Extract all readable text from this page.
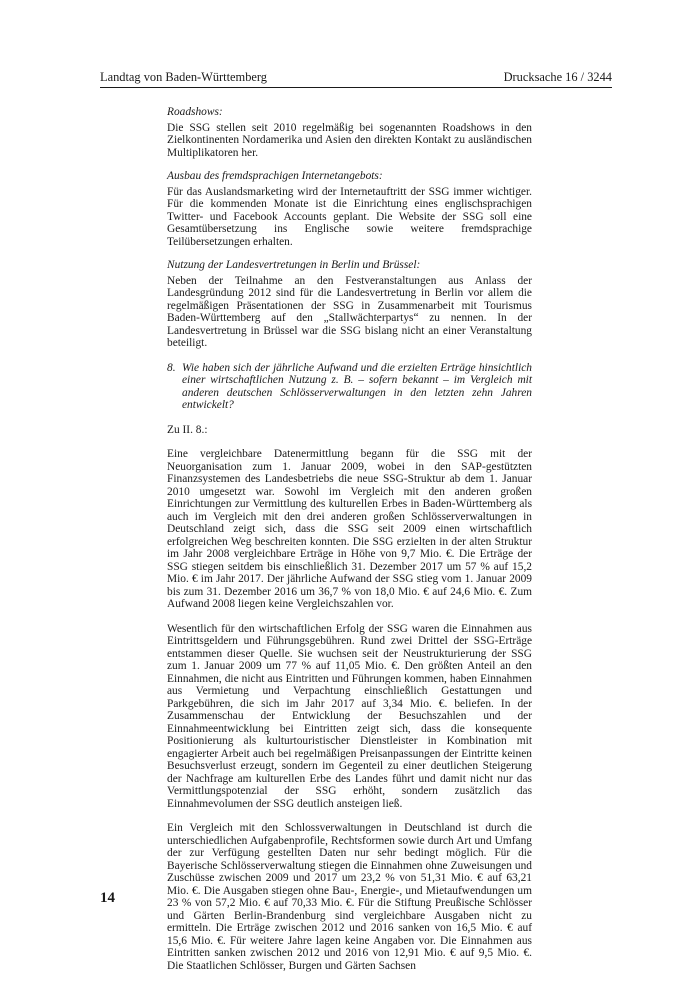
Landtag von Baden-Württemberg	Drucksache 16 / 3244

Roadshows:

Die SSG stellen seit 2010 regelmäßig bei sogenannten Roadshows in den Zielkontinenten Nordamerika und Asien den direkten Kontakt zu ausländischen Multiplikatoren her.

Ausbau des fremdsprachigen Internetangebots:

Für das Auslandsmarketing wird der Internetauftritt der SSG immer wichtiger. Für die kommenden Monate ist die Einrichtung eines englischsprachigen Twitter- und Facebook Accounts geplant. Die Website der SSG soll eine Gesamtübersetzung ins Englische sowie weitere fremdsprachige Teilübersetzungen erhalten.

Nutzung der Landesvertretungen in Berlin und Brüssel:

Neben der Teilnahme an den Festveranstaltungen aus Anlass der Landesgründung 2012 sind für die Landesvertretung in Berlin vor allem die regelmäßigen Präsentationen der SSG in Zusammenarbeit mit Tourismus Baden-Württemberg auf den „Stallwächterpartys“ zu nennen. In der Landesvertretung in Brüssel war die SSG bislang nicht an einer Veranstaltung beteiligt.

8. Wie haben sich der jährliche Aufwand und die erzielten Erträge hinsichtlich einer wirtschaftlichen Nutzung z. B. – sofern bekannt – im Vergleich mit anderen deutschen Schlösserverwaltungen in den letzten zehn Jahren entwickelt?

Zu II. 8.:

Eine vergleichbare Datenermittlung begann für die SSG mit der Neuorganisation zum 1. Januar 2009, wobei in den SAP-gestützten Finanzsystemen des Landesbetriebs die neue SSG-Struktur ab dem 1. Januar 2010 umgesetzt war. Sowohl im Vergleich mit den anderen großen Einrichtungen zur Vermittlung des kulturellen Erbes in Baden-Württemberg als auch im Vergleich mit den drei anderen großen Schlösserverwaltungen in Deutschland zeigt sich, dass die SSG seit 2009 einen wirtschaftlich erfolgreichen Weg beschreiten konnten. Die SSG erzielten in der alten Struktur im Jahr 2008 vergleichbare Erträge in Höhe von 9,7 Mio. €. Die Erträge der SSG stiegen seitdem bis einschließlich 31. Dezember 2017 um 57 % auf 15,2 Mio. € im Jahr 2017. Der jährliche Aufwand der SSG stieg vom 1. Januar 2009 bis zum 31. Dezember 2016 um 36,7 % von 18,0 Mio. € auf 24,6 Mio. €. Zum Aufwand 2008 liegen keine Vergleichszahlen vor.

Wesentlich für den wirtschaftlichen Erfolg der SSG waren die Einnahmen aus Eintrittsgeldern und Führungsgebühren. Rund zwei Drittel der SSG-Erträge entstammen dieser Quelle. Sie wuchsen seit der Neustrukturierung der SSG zum 1. Januar 2009 um 77 % auf 11,05 Mio. €. Den größten Anteil an den Einnahmen, die nicht aus Eintritten und Führungen kommen, haben Einnahmen aus Vermietung und Verpachtung einschließlich Gestattungen und Parkgebühren, die sich im Jahr 2017 auf 3,34 Mio. €. beliefen. In der Zusammenschau der Entwicklung der Besuchszahlen und der Einnahmeentwicklung bei Eintritten zeigt sich, dass die konsequente Positionierung als kulturtouristischer Dienstleister in Kombination mit engagierter Arbeit auch bei regelmäßigen Preisanpassungen der Eintritte keinen Besuchsverlust erzeugt, sondern im Gegenteil zu einer deutlichen Steigerung der Nachfrage am kulturellen Erbe des Landes führt und damit nicht nur das Vermittlungspotenzial der SSG erhöht, sondern zusätzlich das Einnahmevolumen der SSG deutlich ansteigen ließ.

Ein Vergleich mit den Schlossverwaltungen in Deutschland ist durch die unterschiedlichen Aufgabenprofile, Rechtsformen sowie durch Art und Umfang der zur Verfügung gestellten Daten nur sehr bedingt möglich. Für die Bayerische Schlösserverwaltung stiegen die Einnahmen ohne Zuweisungen und Zuschüsse zwischen 2009 und 2017 um 23,2 % von 51,31 Mio. € auf 63,21 Mio. €. Die Ausgaben stiegen ohne Bau-, Energie-, und Mietaufwendungen um 23 % von 57,2 Mio. € auf 70,33 Mio. €. Für die Stiftung Preußische Schlösser und Gärten Berlin-Brandenburg sind vergleichbare Ausgaben nicht zu ermitteln. Die Erträge zwischen 2012 und 2016 sanken von 16,5 Mio. € auf 15,6 Mio. €. Für weitere Jahre lagen keine Angaben vor. Die Einnahmen aus Eintritten sanken zwischen 2012 und 2016 von 12,91 Mio. € auf 9,5 Mio. €. Die Staatlichen Schlösser, Burgen und Gärten Sachsen

14
